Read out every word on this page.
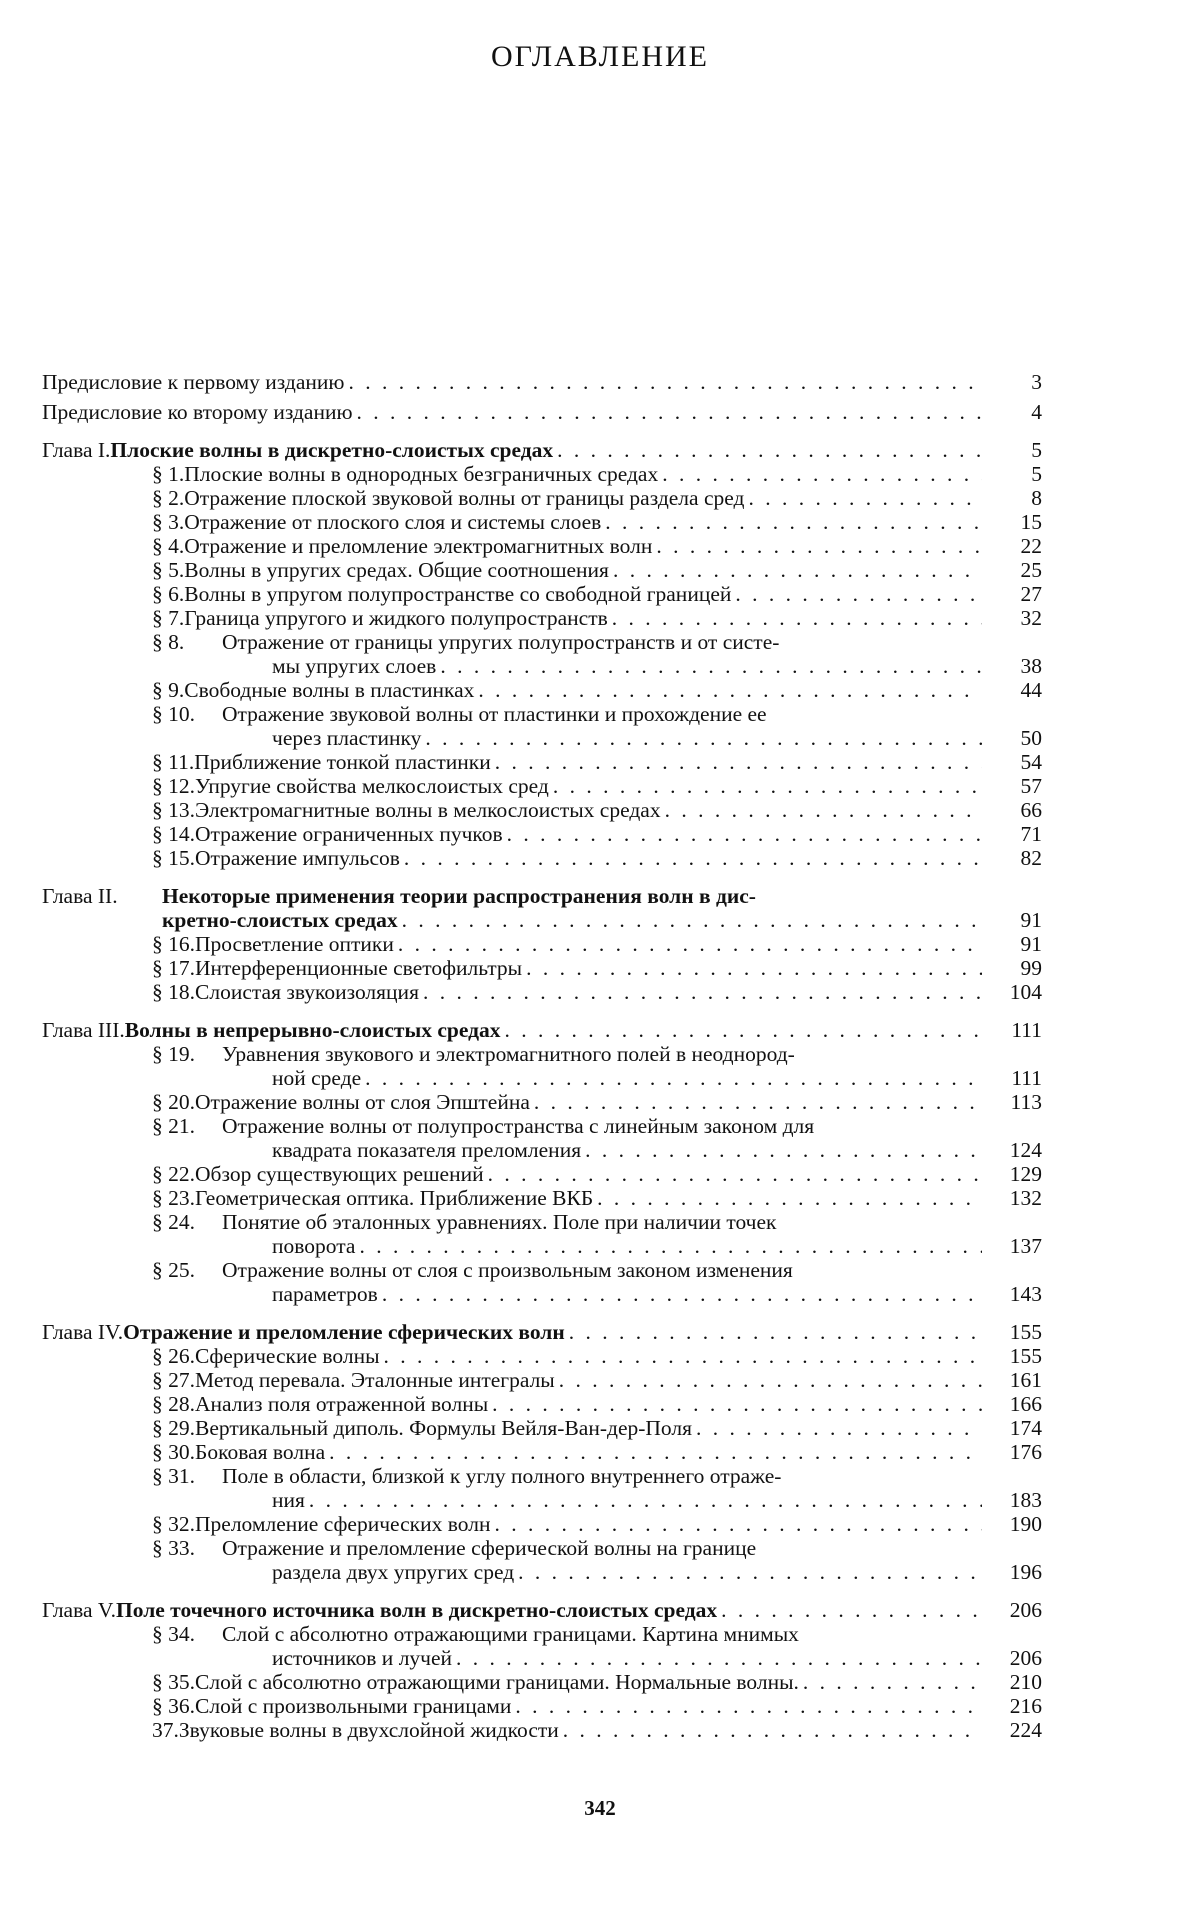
ОГЛАВЛЕНИЕ
Предисловие к первому изданию . . .	3
Предисловие ко второму изданию . . .	4
Глава I. Плоские волны в дискретно-слоистых средах . . .	5
§ 1. Плоские волны в однородных безграничных средах . . .	5
§ 2. Отражение плоской звуковой волны от границы раздела сред . . .	8
§ 3. Отражение от плоского слоя и системы слоев . . .	15
§ 4. Отражение и преломление электромагнитных волн . . .	22
§ 5. Волны в упругих средах. Общие соотношения . . .	25
§ 6. Волны в упругом полупространстве со свободной границей . . .	27
§ 7. Граница упругого и жидкого полупространств . . .	32
§ 8.	Отражение от границы упругих полупространств и от систе-
мы упругих слоев . . .	38
§ 9. Свободные волны в пластинках . . .	44
§ 10.	Отражение звуковой волны от пластинки и прохождение ее
через пластинку . . .	50
§ 11. Приближение тонкой пластинки . . .	54
§ 12. Упругие свойства мелкослоистых сред . . .	57
§ 13. Электромагнитные волны в мелкослоистых средах . . .	66
§ 14. Отражение ограниченных пучков . . .	71
§ 15. Отражение импульсов . . .	82
Глава II.	Некоторые применения теории распространения волн в дис-
кретно-слоистых средах . . .	91
§ 16. Просветление оптики . . .	91
§ 17. Интерференционные светофильтры . . .	99
§ 18. Слоистая звукоизоляция . . .	104
Глава III. Волны в непрерывно-слоистых средах . . .	111
§ 19.	Уравнения звукового и электромагнитного полей в неоднород-
ной среде . . .	111
§ 20. Отражение волны от слоя Эпштейна . . .	113
§ 21.	Отражение волны от полупространства с линейным законом для
квадрата показателя преломления . . .	124
§ 22. Обзор существующих решений . . .	129
§ 23. Геометрическая оптика. Приближение ВКБ . . .	132
§ 24.	Понятие об эталонных уравнениях. Поле при наличии точек
поворота . . .	137
§ 25.	Отражение волны от слоя с произвольным законом изменения
параметров . . .	143
Глава IV. Отражение и преломление сферических волн . . .	155
§ 26. Сферические волны . . .	155
§ 27. Метод перевала. Эталонные интегралы . . .	161
§ 28. Анализ поля отраженной волны . . .	166
§ 29. Вертикальный диполь. Формулы Вейля-Ван-дер-Поля . . .	174
§ 30. Боковая волна . . .	176
§ 31.	Поле в области, близкой к углу полного внутреннего отраже-
ния . . .	183
§ 32. Преломление сферических волн . . .	190
§ 33.	Отражение и преломление сферической волны на границе
раздела двух упругих сред . . .	196
Глава V. Поле точечного источника волн в дискретно-слоистых средах . . .	206
§ 34.	Слой с абсолютно отражающими границами. Картина мнимых
источников и лучей . . .	206
§ 35. Слой с абсолютно отражающими границами. Нормальные волны. . . .	210
§ 36. Слой с произвольными границами . . .	216
37. Звуковые волны в двухслойной жидкости . . .	224
342
